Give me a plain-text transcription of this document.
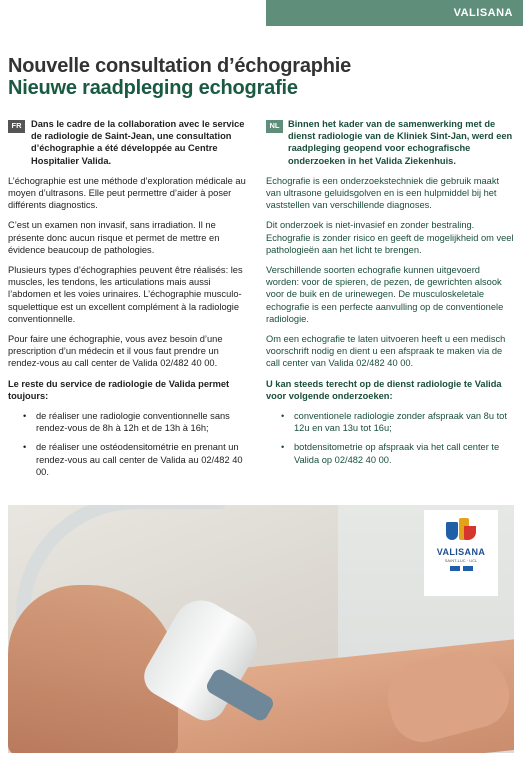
VALISANA
Nouvelle consultation d’échographie
Nieuwe raadpleging echografie
FR	Dans le cadre de la collaboration avec le service de radiologie de Saint-Jean, une consultation d’échographie a été développée au Centre Hospitalier Valida.

L’échographie est une méthode d’exploration médicale au moyen d’ultrasons. Elle peut permettre d’aider à poser différents diagnostics.

C’est un examen non invasif, sans irradiation. Il ne présente donc aucun risque et permet de mettre en évidence beaucoup de pathologies.

Plusieurs types d’échographies peuvent être réalisés: les muscles, les tendons, les articulations mais aussi l’abdomen et les voies urinaires. L’échographie musculo-squelettique est un excellent complément à la radiologie conventionnelle.

Pour faire une échographie, vous avez besoin d’une prescription d’un médecin et il vous faut prendre un rendez-vous au call center de Valida 02/482 40 00.

Le reste du service de radiologie de Valida permet toujours:

• de réaliser une radiologie conventionnelle sans rendez-vous de 8h à 12h et de 13h à 16h;
• de réaliser une ostéodensitométrie en prenant un rendez-vous au call center de Valida au 02/482 40 00.
NL Binnen het kader van de samenwerking met de dienst radiologie van de Kliniek Sint-Jan, werd een raadpleging geopend voor echografische onderzoeken in het Valida Ziekenhuis.

Echografie is een onderzoekstechniek die gebruik maakt van ultrasone geluidsgolven en is een hulpmiddel bij het vaststellen van verschillende diagnoses.

Dit onderzoek is niet-invasief en zonder bestraling. Echografie is zonder risico en geeft de mogelijkheid om veel pathologieën aan het licht te brengen.

Verschillende soorten echografie kunnen uitgevoerd worden: voor de spieren, de pezen, de gewrichten alsook voor de buik en de urinewegen. De musculoskeletale echografie is een perfecte aanvulling op de conventionele radiologie.

Om een echografie te laten uitvoeren heeft u een medisch voorschrift nodig en dient u een afspraak te maken via de call center van Valida 02/482 40 00.

U kan steeds terecht op de dienst radiologie te Valida voor volgende onderzoeken:

• conventionele radiologie zonder afspraak van 8u tot 12u en van 13u tot 16u;
• botdensitometrie op afspraak via het call center te Valida op 02/482 40 00.
VALISANA
SAINT-LUC · UCL
